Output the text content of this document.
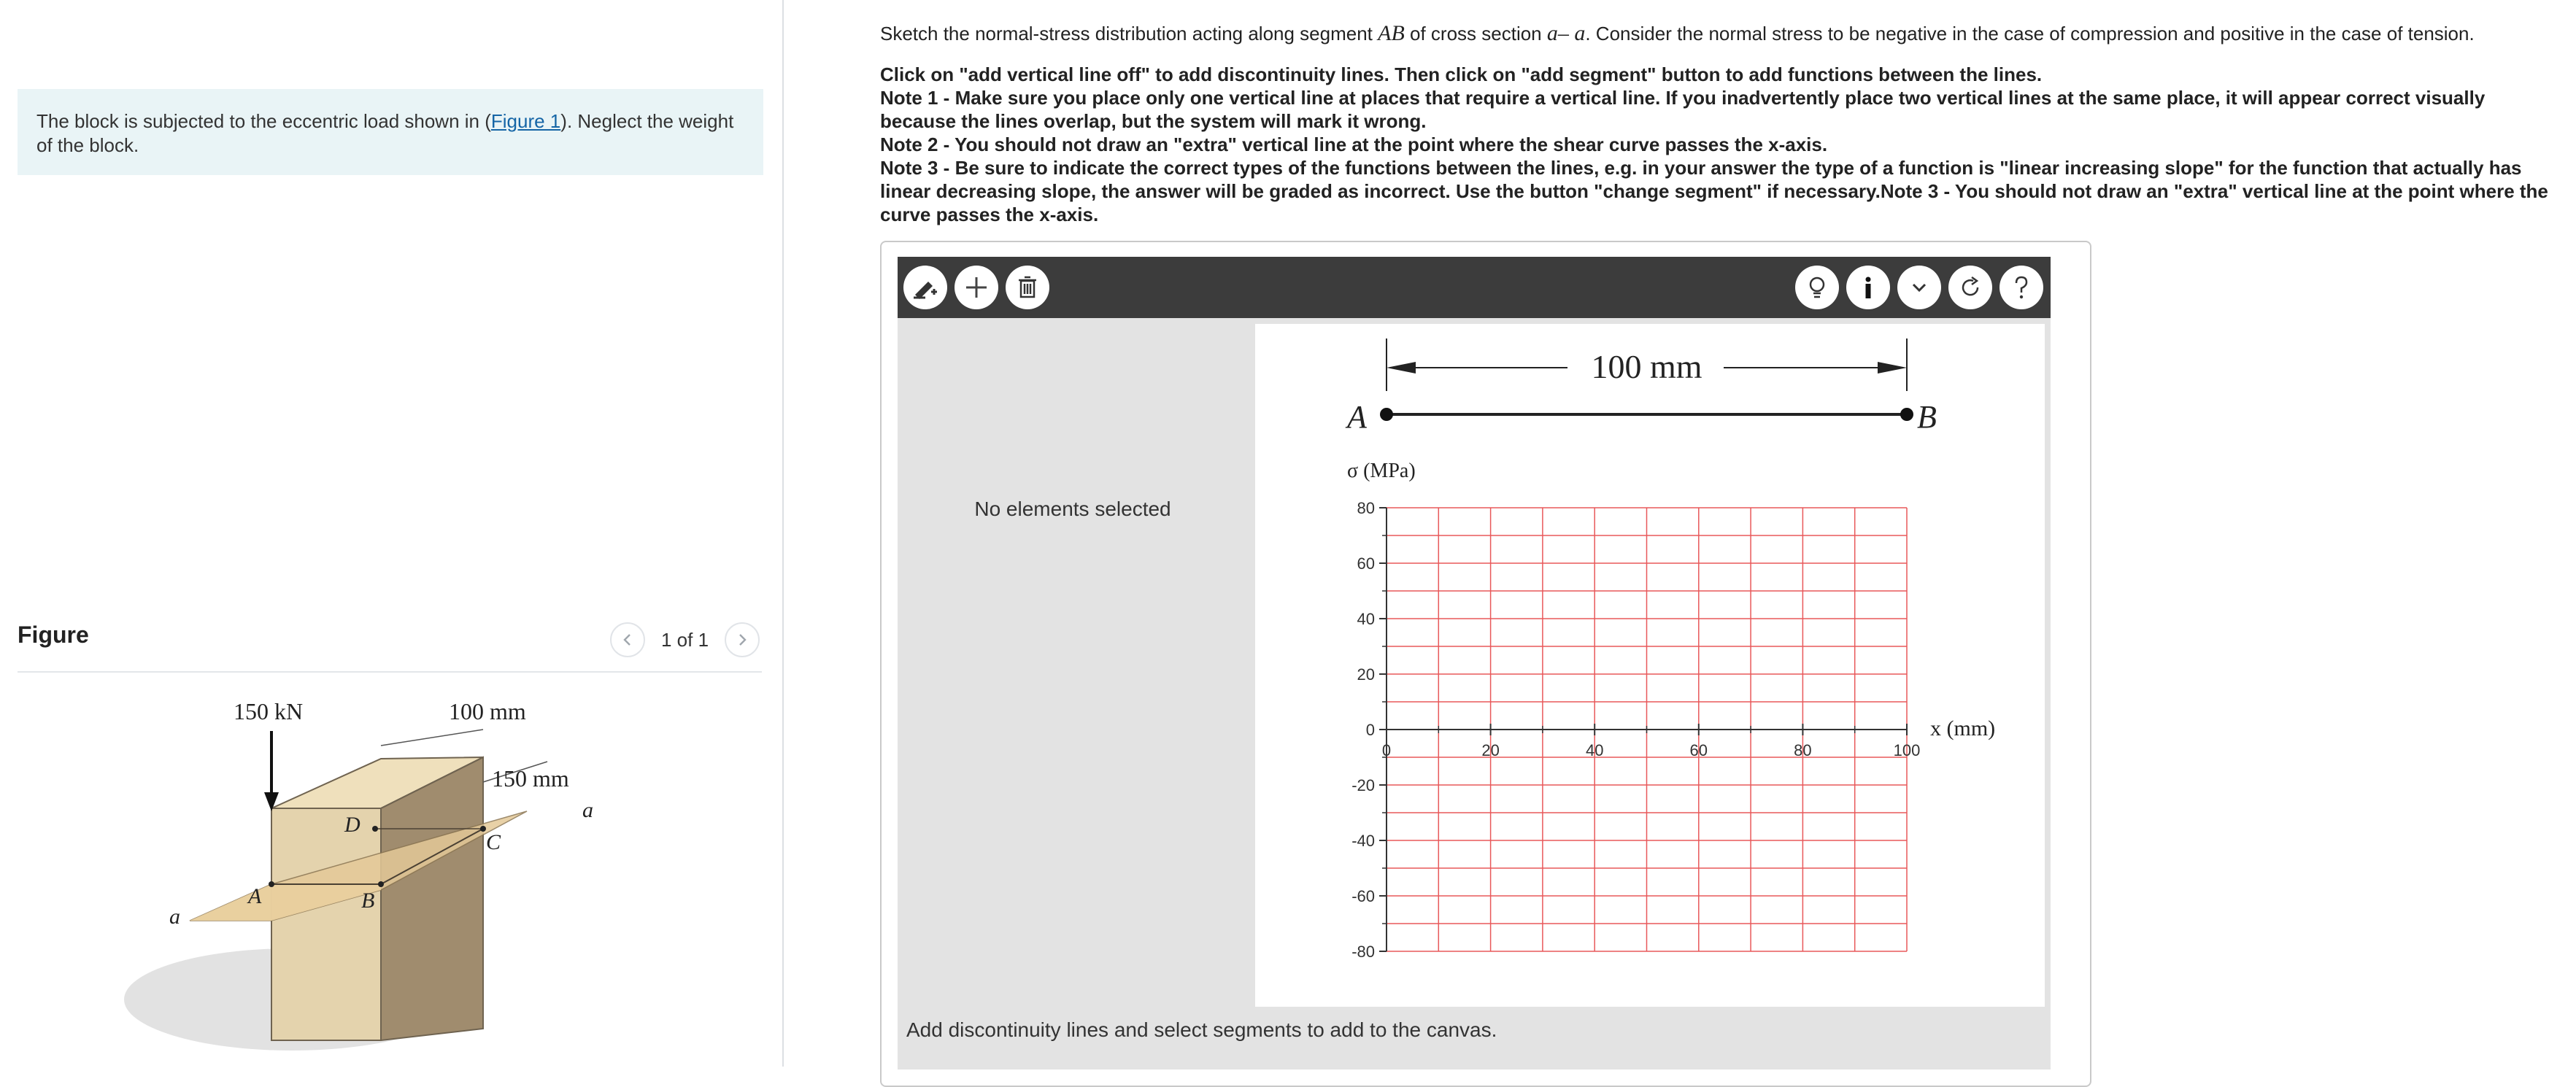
The block is subjected to the eccentric load shown in (Figure 1). Neglect the weight of the block.
Figure	1 of 1
150 kN	100 mm
150 mm
a
a
A	B
C
D
Sketch the normal-stress distribution acting along segment AB of cross section a– a. Consider the normal stress to be negative in the case of compression and positive in the case of tension.
Click on "add vertical line off" to add discontinuity lines. Then click on "add segment" button to add functions between the lines.
Note 1 - Make sure you place only one vertical line at places that require a vertical line. If you inadvertently place two vertical lines at the same place, it will appear correct visually because the lines overlap, but the system will mark it wrong.
Note 2 - You should not draw an "extra" vertical line at the point where the shear curve passes the x-axis.
Note 3 - Be sure to indicate the correct types of the functions between the lines, e.g. in your answer the type of a function is "linear increasing slope" for the function that actually has linear decreasing slope, the answer will be graded as incorrect. Use the button "change segment" if necessary.Note 3 - You should not draw an "extra" vertical line at the point where the curve passes the x-axis.
No elements selected
100 mm
A	B
σ (MPa)
80
60
40
20
0
-20
-40
-60
-80
0	20	40	60	80	100
x (mm)
Add discontinuity lines and select segments to add to the canvas.
